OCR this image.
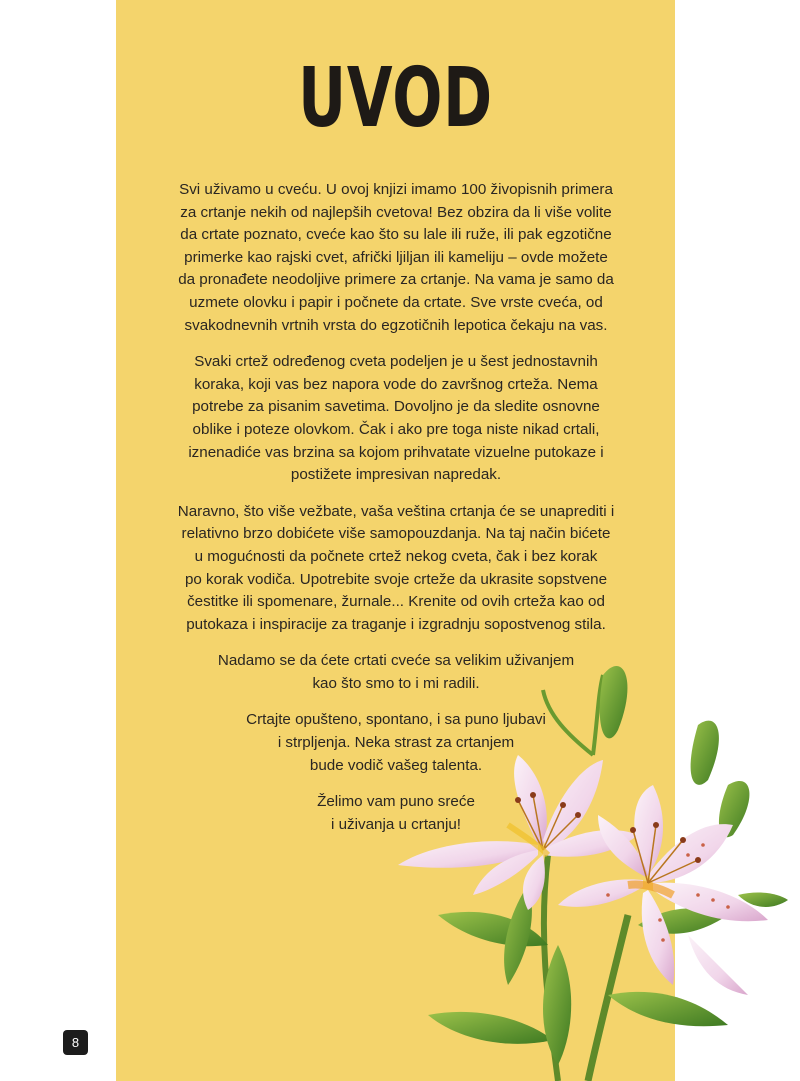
UVOD

Svi uživamo u cveću. U ovoj knjizi imamo 100 živopisnih primera
za crtanje nekih od najlepših cvetova! Bez obzira da li više volite
da crtate poznato, cveće kao što su lale ili ruže, ili pak egzotične
primerke kao rajski cvet, afrički ljiljan ili kameliju – ovde možete
da pronađete neodoljive primere za crtanje. Na vama je samo da
uzmete olovku i papir i počnete da crtate. Sve vrste cveća, od
svakodnevnih vrtnih vrsta do egzotičnih lepotica čekaju na vas.

Svaki crtež određenog cveta podeljen je u šest jednostavnih
koraka, koji vas bez napora vode do završnog crteža. Nema
potrebe za pisanim savetima. Dovoljno je da sledite osnovne
oblike i poteze olovkom. Čak i ako pre toga niste nikad crtali,
iznenadiće vas brzina sa kojom prihvatate vizuelne putokaze i
postižete impresivan napredak.

Naravno, što više vežbate, vaša veština crtanja će se unaprediti i
relativno brzo dobićete više samopouzdanja. Na taj način bićete
u mogućnosti da počnete crtež nekog cveta, čak i bez korak
po korak vodiča. Upotrebite svoje crteže da ukrasite sopstvene
čestitke ili spomenare, žurnale... Krenite od ovih crteža kao od
putokaza i inspiracije za traganje i izgradnju sopostvenog stila.

Nadamo se da ćete crtati cveće sa velikim uživanjem
kao što smo to i mi radili.

Crtajte opušteno, spontano, i sa puno ljubavi
i strpljenja. Neka strast za crtanjem
bude vodič vašeg talenta.

Želimo vam puno sreće
i uživanja u crtanju!

8
